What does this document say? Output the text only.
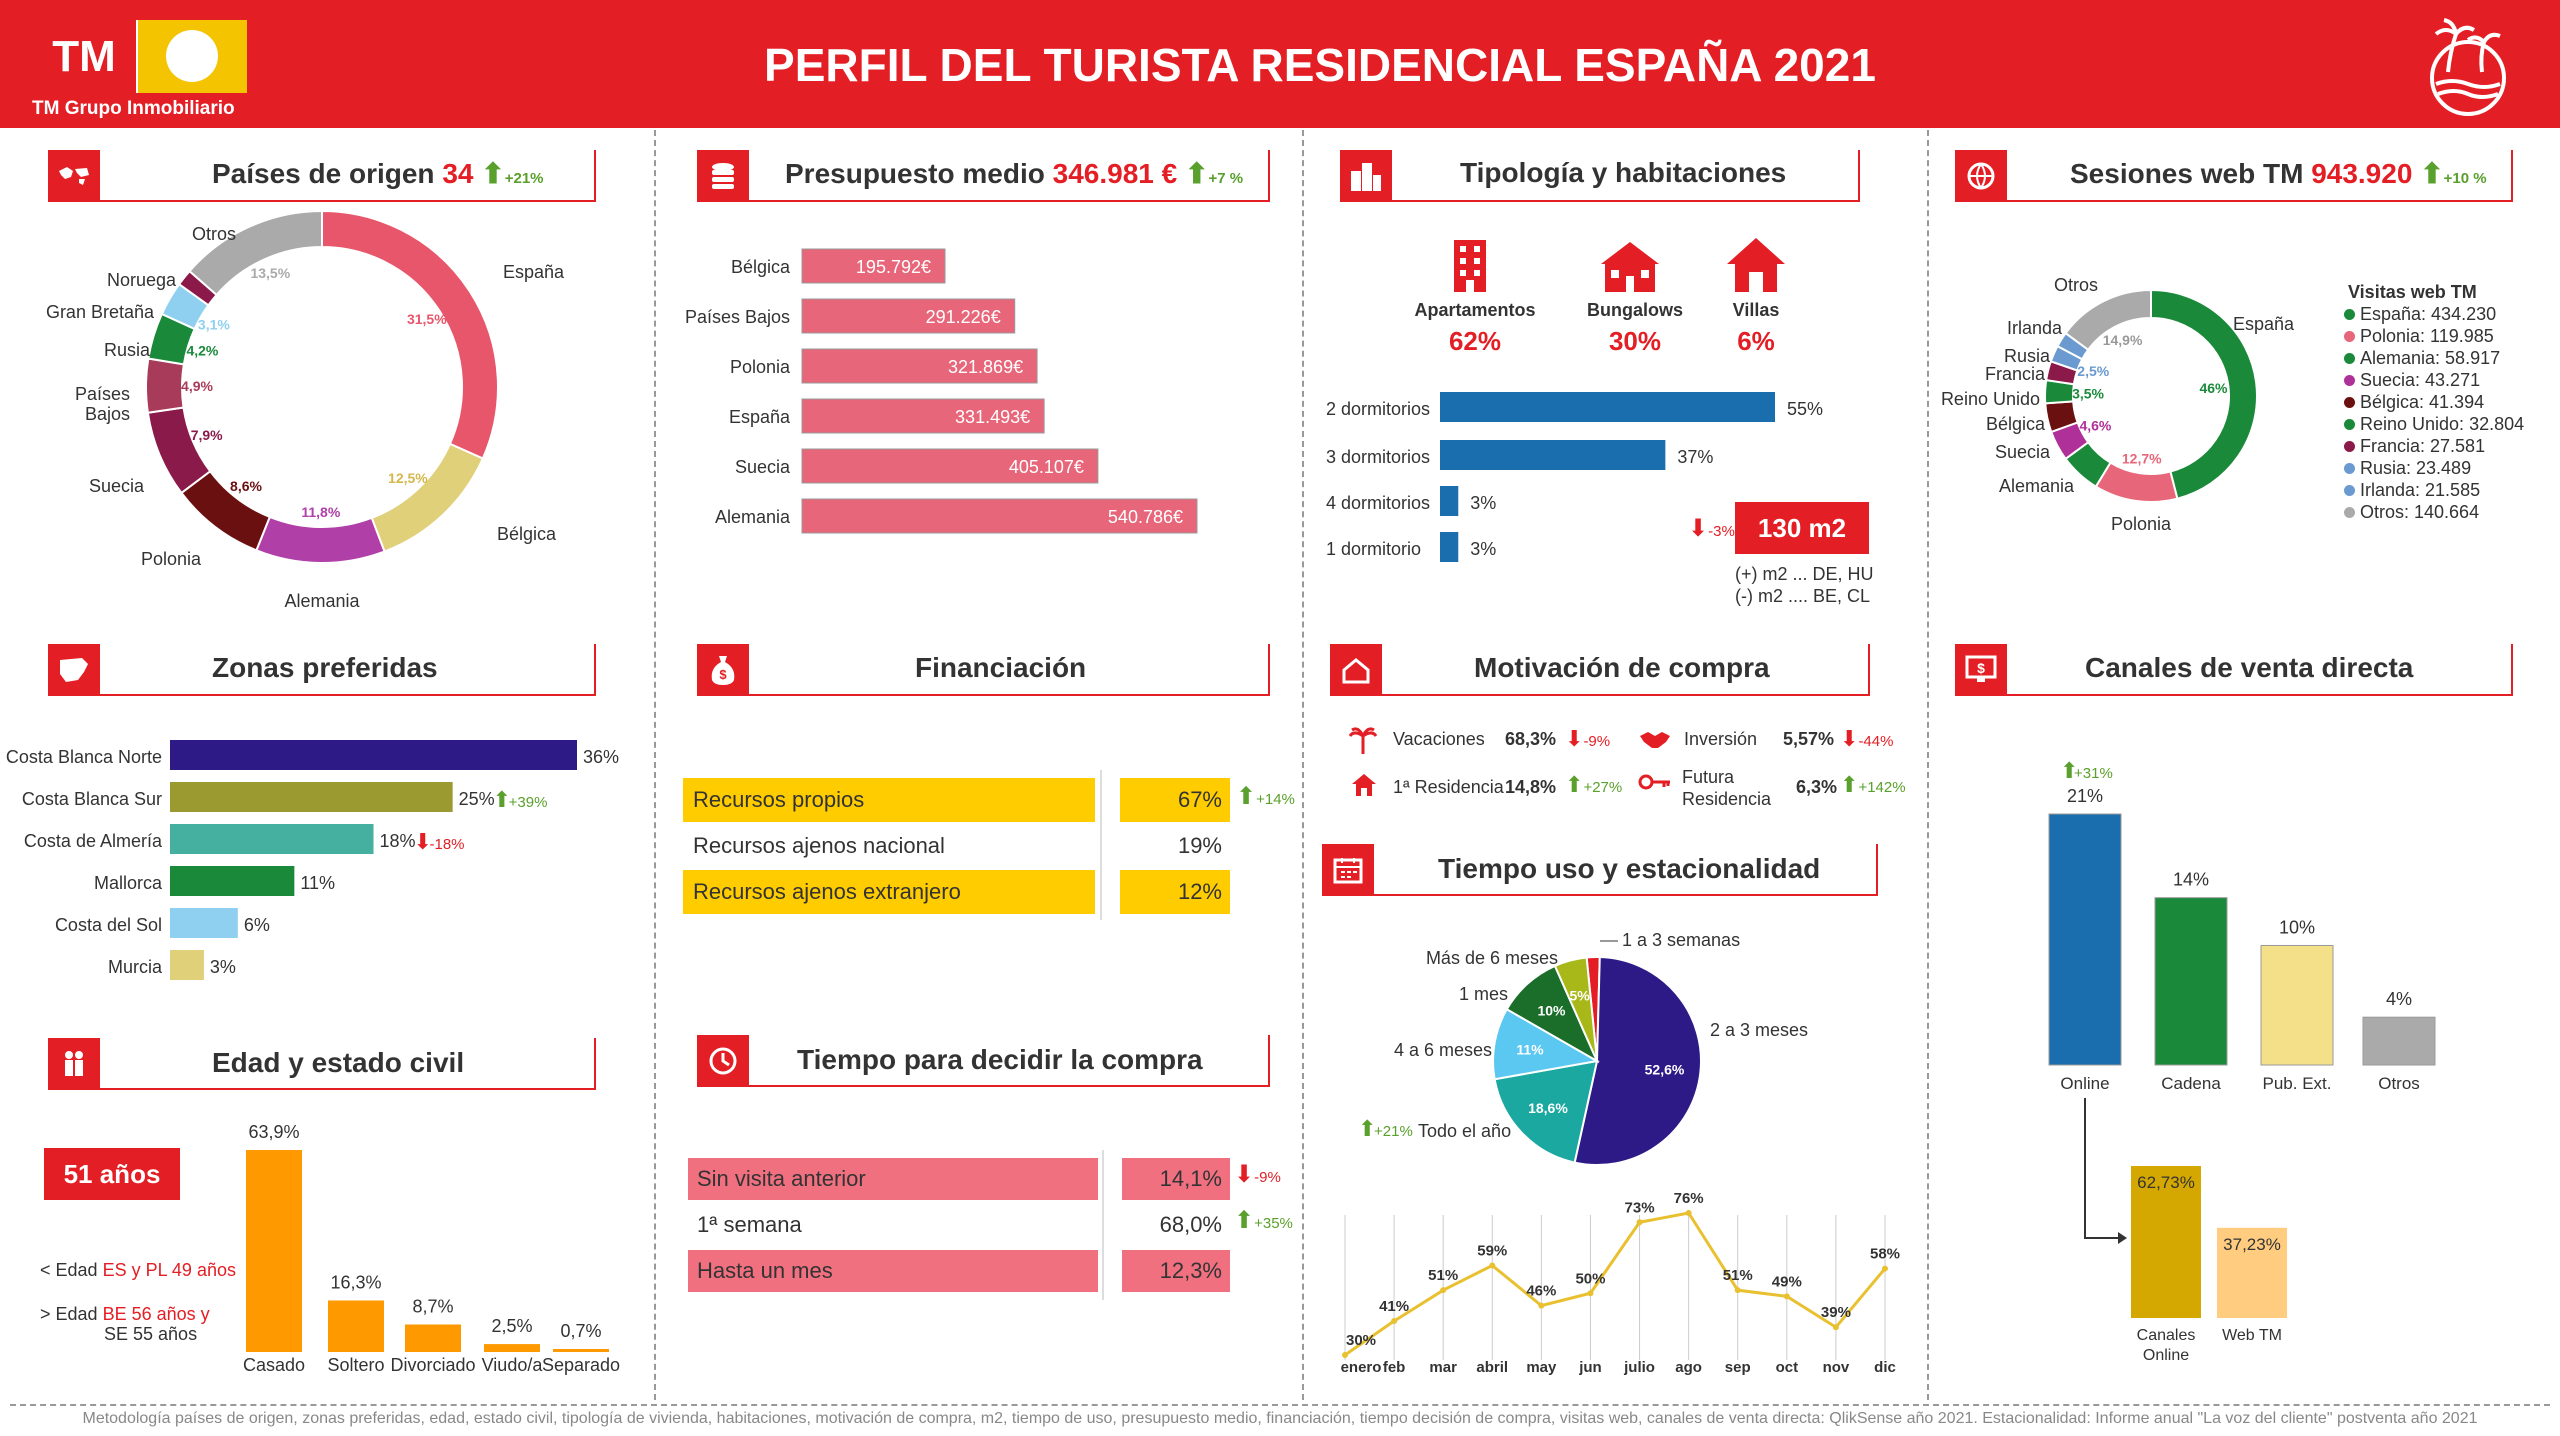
TM
TM Grupo Inmobiliario
PERFIL DEL TURISTA RESIDENCIAL ESPAÑA 2021
Países de origen 34 ⬆+21%	Presupuesto medio 346.981 € ⬆+7 %	Tipología y habitaciones	Sesiones web TM 943.920 ⬆+10 %
Zonas preferidas	$	Financiación	Motivación de compra	$	Canales de venta directa
Edad y estado civil	Tiempo para decidir la compra
Tiempo uso y estacionalidad
31,5%
12,5%
11,8%
8,6%
7,9%
4,9%
4,2%
3,1%
13,5%	España
Bélgica
Alemania
Polonia
Suecia
Países
Bajos
Rusia
Gran Bretaña
Noruega
Otros
195.792€
Bélgica
291.226€
Países Bajos
321.869€
Polonia
331.493€
España
405.107€
Suecia
540.786€
Alemania
55%
2 dormitorios
37%
3 dormitorios
3%
4 dormitorios
3%
1 dormitorio
46%
12,7%
4,6%
3,5%
2,5%
14,9%
España
Polonia
Alemania
Suecia
Bélgica
Reino Unido
Francia
Rusia
Irlanda
Otros
36%
Costa Blanca Norte
25%
⬆
+39%
Costa Blanca Sur
18%
⬇
-18%
Costa de Almería
11%
Mallorca
6%
Costa del Sol
3%
Murcia
21%
Online
14%
Cadena
10%
Pub. Ext.
4%
Otros
⬆
+31%
62,73%
37,23%
Canales
Online
Web TM
63,9%
Casado
16,3%
Soltero
8,7%
Divorciado
2,5%
Viudo/a
0,7%
Separado
52,6%
18,6%
11%
10%
5%
1 a 3 semanas
2 a 3 meses
Todo el año
4 a 6 meses
1 mes
Más de 6 meses
⬆
+21%
30%
enero
41%
feb
51%
mar
59%
abril
46%
may
50%
jun
73%
julio
76%
ago
51%
sep
49%
oct
39%
nov
58%
dic
Apartamentos
62%
Bungalows
30%
Villas
6%
⬇-3% 130 m2
(+) m2 ... DE, HU
(-) m2 .... BE, CL
Visitas web TM
España: 434.230
Polonia: 119.985
Alemania: 58.917
Suecia: 43.271
Bélgica: 41.394
Reino Unido: 32.804
Francia: 27.581
Rusia: 23.489
Irlanda: 21.585
Otros: 140.664
Recursos propios	67% ⬆+14%
Recursos ajenos nacional	19%
Recursos ajenos extranjero	12%
Sin visita anterior	14,1% ⬇-9%
1ª semana	68,0% ⬆+35%
Hasta un mes	12,3%
Vacaciones 68,3% ⬇-9%
1ª Residencia 14,8% ⬆+27%
Inversión 5,57% ⬇-44%
Futura Residencia
6,3% ⬆+142%
51 años
< Edad ES y PL 49 años
> Edad BE 56 años y
SE 55 años
Metodología países de origen, zonas preferidas, edad, estado civil, tipología de vivienda, habitaciones, motivación de compra, m2, tiempo de uso, presupuesto medio, financiación, tiempo decisión de compra, visitas web, canales de venta directa: QlikSense año 2021. Estacionalidad: Informe anual "La voz del cliente" postventa año 2021
